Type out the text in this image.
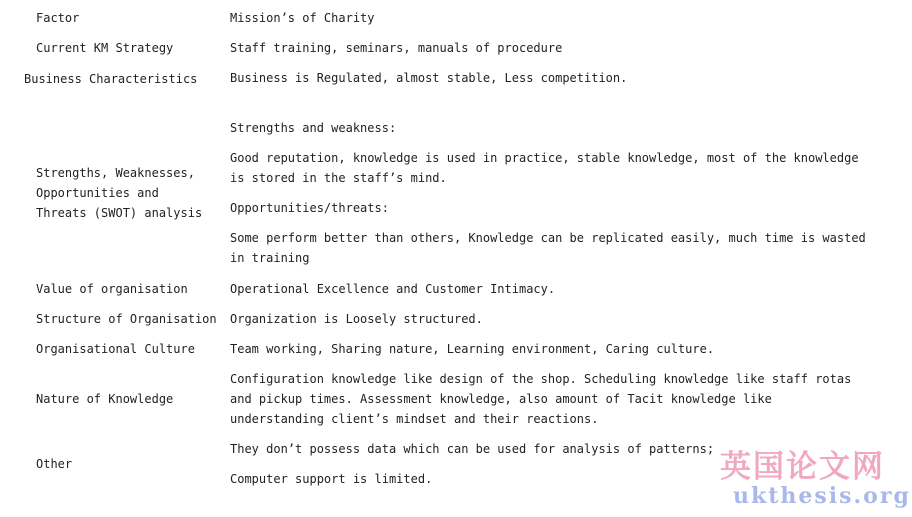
Factor
Current KM Strategy
Business Characteristics
Strengths, Weaknesses, Opportunities and Threats (SWOT) analysis
Value of organisation
Structure of Organisation
Organisational Culture
Nature of Knowledge
Other
Mission’s of Charity
Staff training, seminars, manuals of procedure
Business is Regulated, almost stable, Less competition.
Strengths and weakness:
Good reputation, knowledge is used in practice, stable knowledge, most of the knowledge is stored in the staff’s mind.
Opportunities/threats:
Some perform better than others, Knowledge can be replicated easily, much time is wasted in training
Operational Excellence and Customer Intimacy.
Organization is Loosely structured.
Team working, Sharing nature, Learning environment, Caring culture.
Configuration knowledge like design of the shop. Scheduling knowledge like staff rotas and pickup times. Assessment knowledge, also amount of Tacit knowledge like understanding client’s mindset and their reactions.
They don’t possess data which can be used for analysis of patterns;
Computer support is limited.	英国论文网
ukthesis.org
